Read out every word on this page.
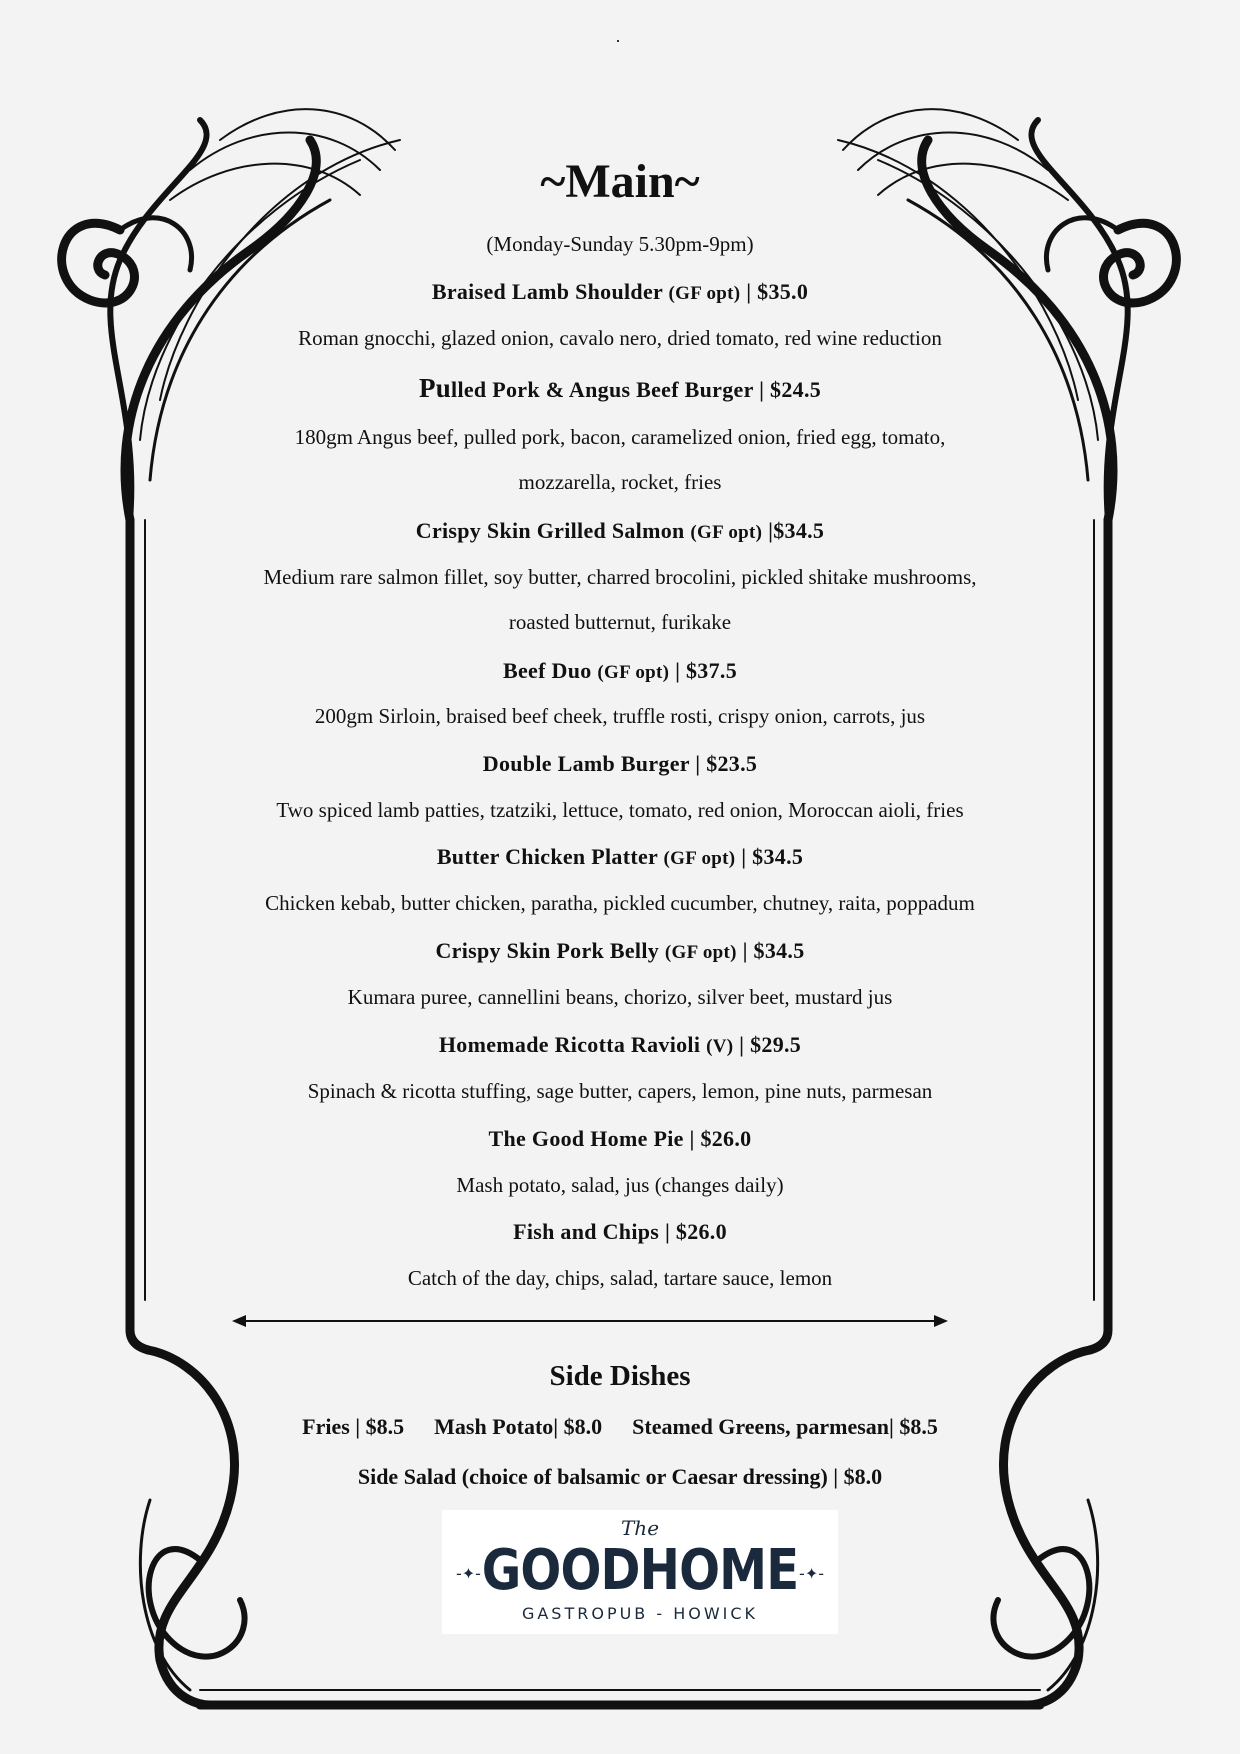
~Main~
(Monday-Sunday 5.30pm-9pm)
Braised Lamb Shoulder (GF opt) | $35.0
Roman gnocchi, glazed onion, cavalo nero, dried tomato, red wine reduction
Pulled Pork & Angus Beef Burger | $24.5
180gm Angus beef, pulled pork, bacon, caramelized onion, fried egg, tomato,
mozzarella, rocket, fries
Crispy Skin Grilled Salmon (GF opt) |$34.5
Medium rare salmon fillet, soy butter, charred brocolini, pickled shitake mushrooms,
roasted butternut, furikake
Beef Duo (GF opt) | $37.5
200gm Sirloin, braised beef cheek, truffle rosti, crispy onion, carrots, jus
Double Lamb Burger | $23.5
Two spiced lamb patties, tzatziki, lettuce, tomato, red onion, Moroccan aioli, fries
Butter Chicken Platter (GF opt) | $34.5
Chicken kebab, butter chicken, paratha, pickled cucumber, chutney, raita, poppadum
Crispy Skin Pork Belly (GF opt) | $34.5
Kumara puree, cannellini beans, chorizo, silver beet, mustard jus
Homemade Ricotta Ravioli (V) | $29.5
Spinach & ricotta stuffing, sage butter, capers, lemon, pine nuts, parmesan
The Good Home Pie | $26.0
Mash potato, salad, jus (changes daily)
Fish and Chips | $26.0
Catch of the day, chips, salad, tartare sauce, lemon
Side Dishes
Fries | $8.5 Mash Potato| $8.0 Steamed Greens, parmesan| $8.5
Side Salad (choice of balsamic or Caesar dressing) | $8.0
The
-✦- GOODHOME -✦-
GASTROPUB - HOWICK
